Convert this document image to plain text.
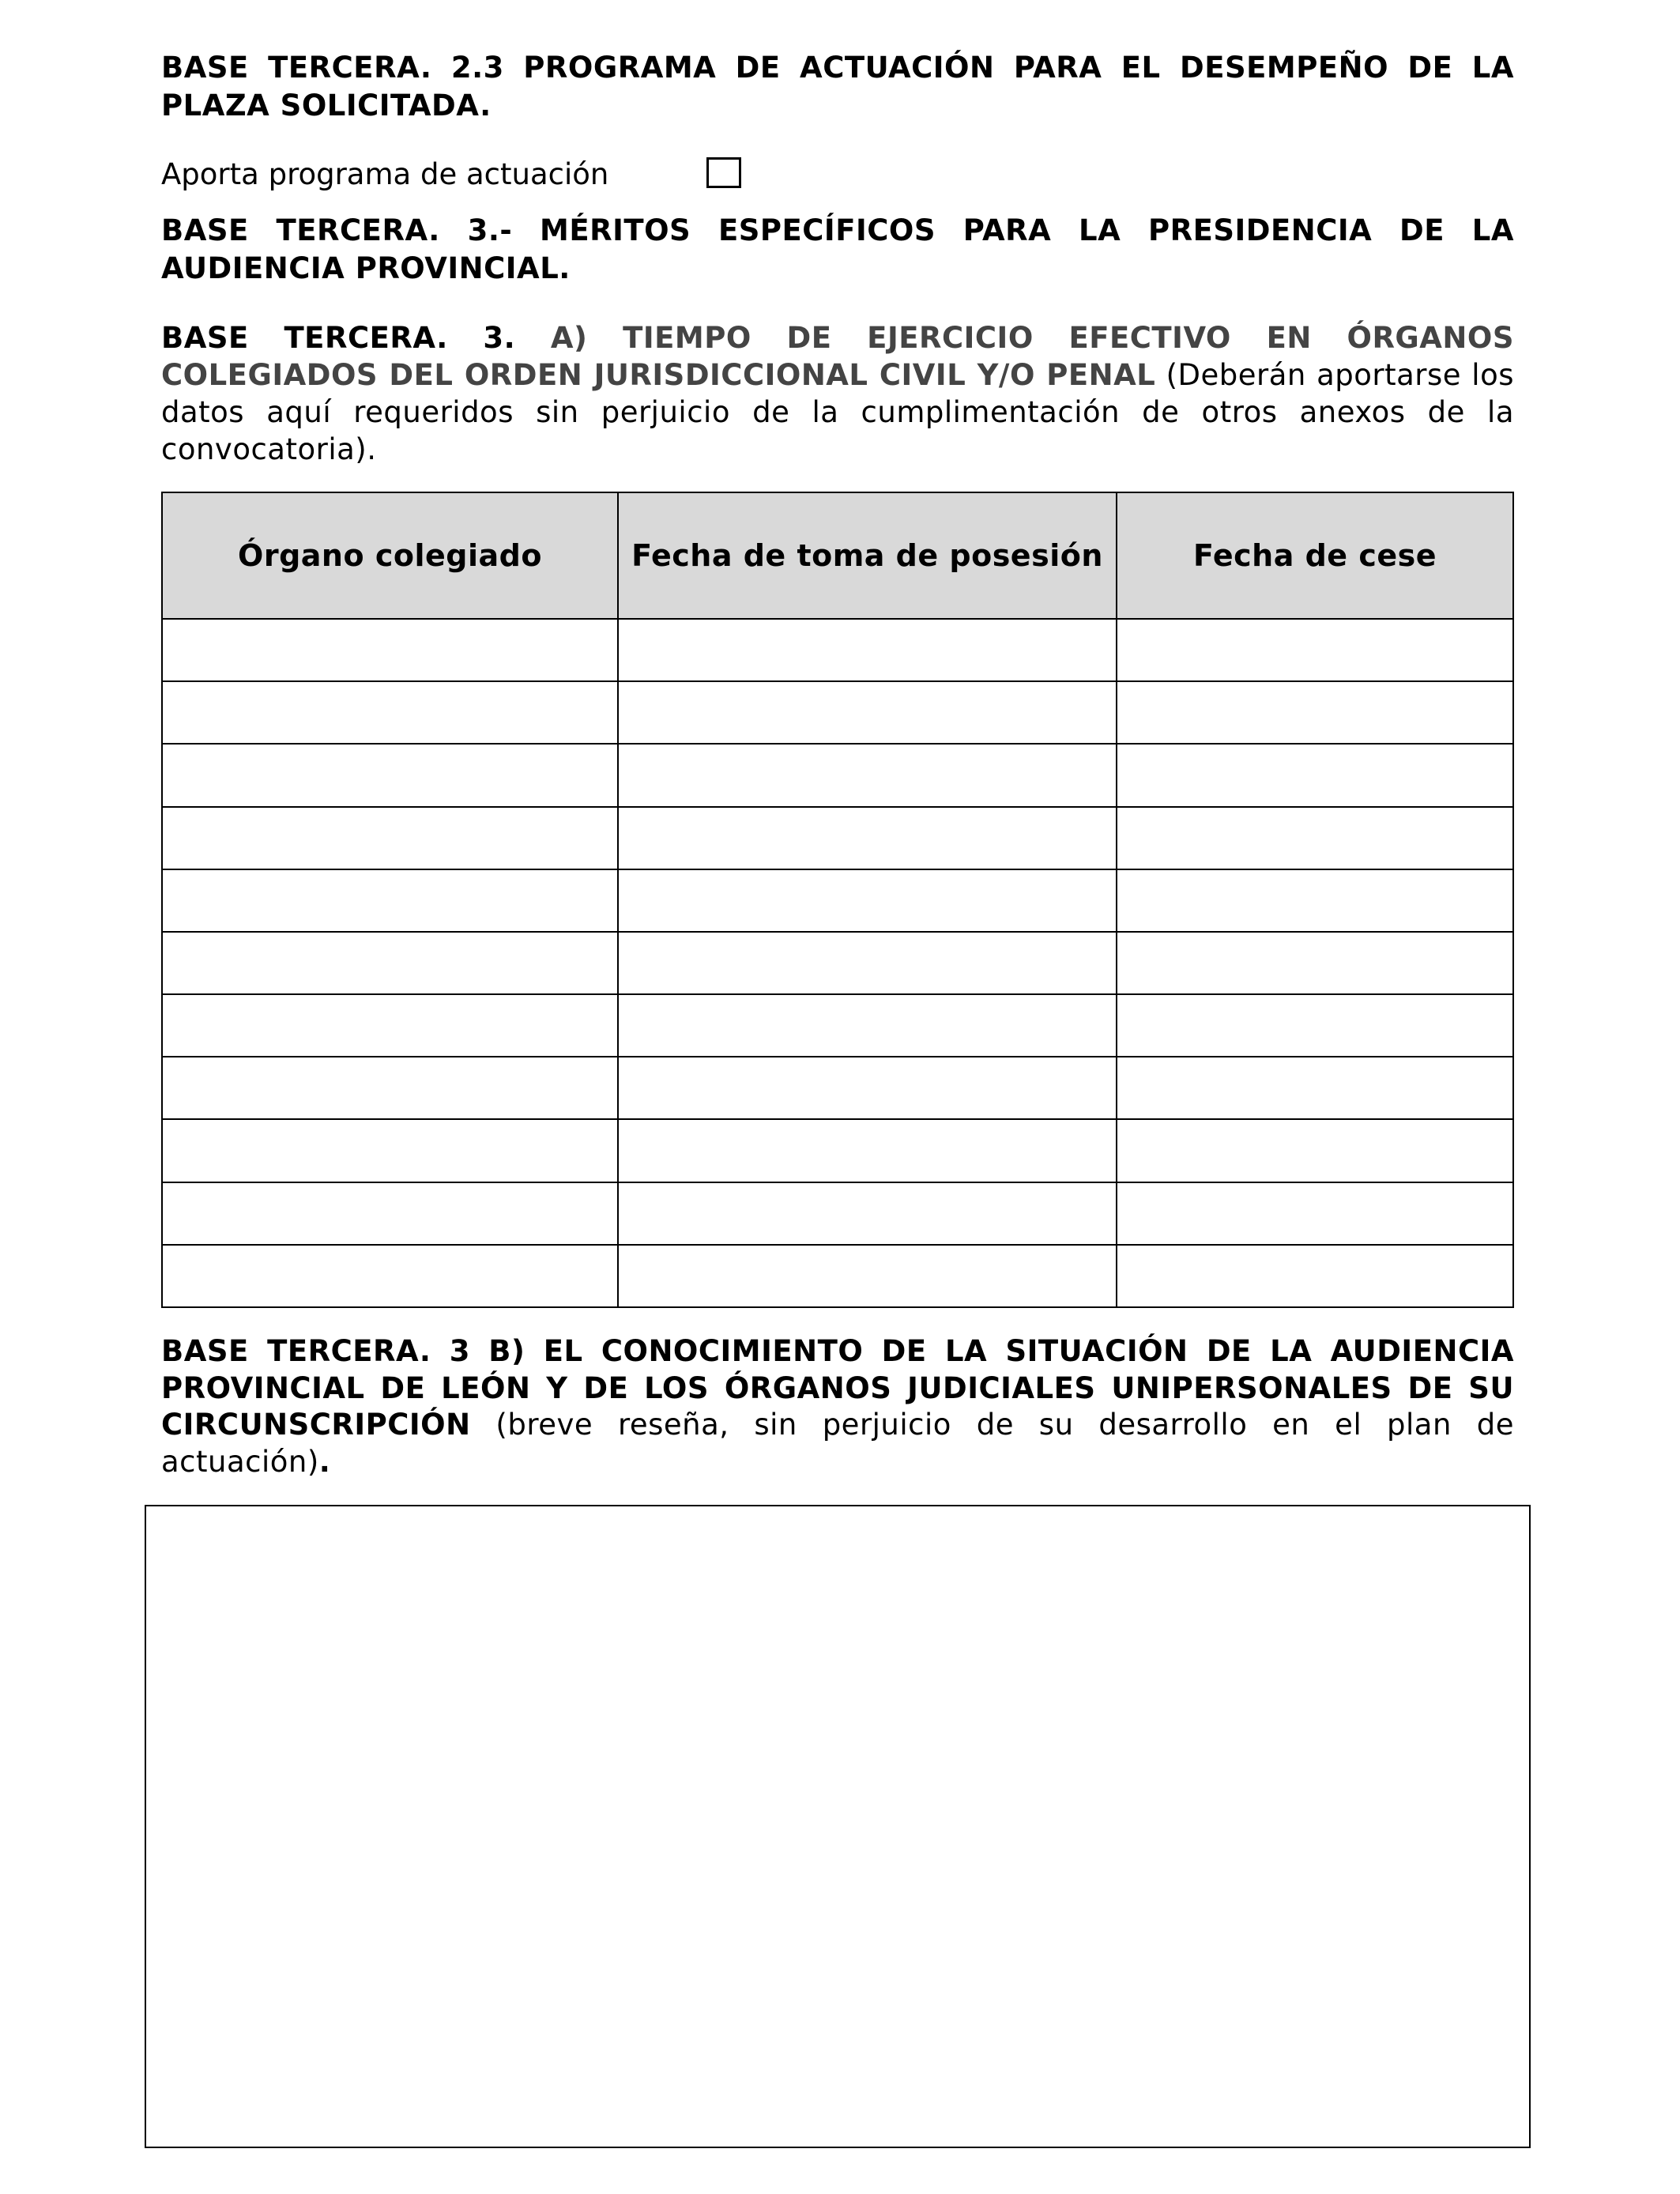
BASE TERCERA. 2.3 PROGRAMA DE ACTUACIÓN PARA EL DESEMPEÑO DE LA PLAZA SOLICITADA.

Aporta programa de actuación

BASE TERCERA. 3.- MÉRITOS ESPECÍFICOS PARA LA PRESIDENCIA DE LA AUDIENCIA PROVINCIAL.

BASE TERCERA. 3. A) TIEMPO DE EJERCICIO EFECTIVO EN ÓRGANOS COLEGIADOS DEL ORDEN JURISDICCIONAL CIVIL Y/O PENAL (Deberán aportarse los datos aquí requeridos sin perjuicio de la cumplimentación de otros anexos de la convocatoria).

Órgano colegiado	Fecha de toma de posesión	Fecha de cese

BASE TERCERA. 3 B) EL CONOCIMIENTO DE LA SITUACIÓN DE LA AUDIENCIA PROVINCIAL DE LEÓN Y DE LOS ÓRGANOS JUDICIALES UNIPERSONALES DE SU CIRCUNSCRIPCIÓN (breve reseña, sin perjuicio de su desarrollo en el plan de actuación).
